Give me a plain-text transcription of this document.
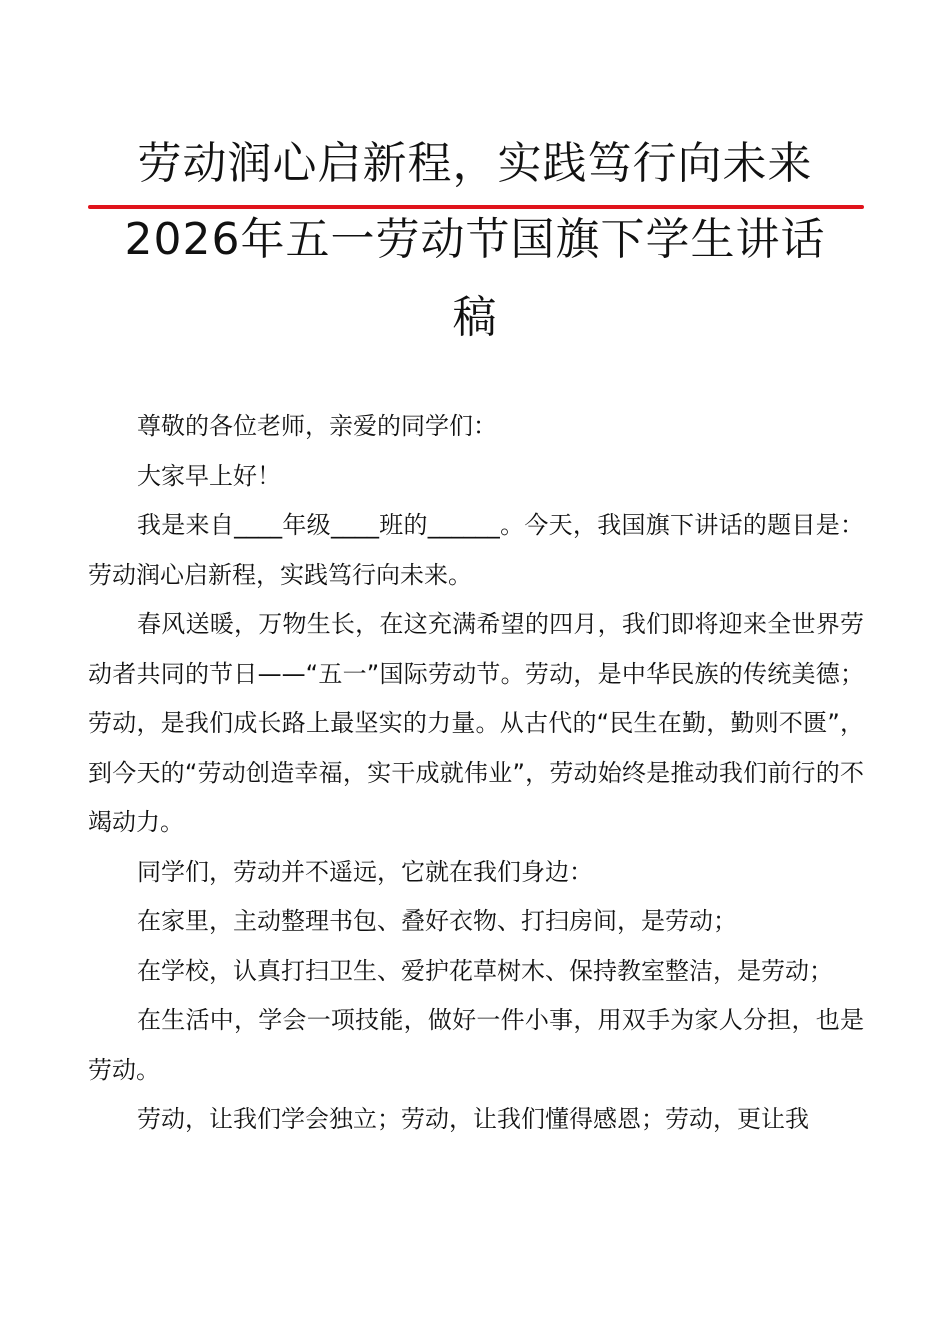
劳动润心启新程，实践笃行向未来
2026年五一劳动节国旗下学生讲话
稿

尊敬的各位老师，亲爱的同学们：

大家早上好！

我是来自____年级____班的______。今天，我国旗下讲话的题目是：劳动润心启新程，实践笃行向未来。

春风送暖，万物生长，在这充满希望的四月，我们即将迎来全世界劳动者共同的节日——“五一”国际劳动节。劳动，是中华民族的传统美德；劳动，是我们成长路上最坚实的力量。从古代的“民生在勤，勤则不匮”，到今天的“劳动创造幸福，实干成就伟业”，劳动始终是推动我们前行的不竭动力。

同学们，劳动并不遥远，它就在我们身边：

在家里，主动整理书包、叠好衣物、打扫房间，是劳动；

在学校，认真打扫卫生、爱护花草树木、保持教室整洁，是劳动；

在生活中，学会一项技能，做好一件小事，用双手为家人分担，也是劳动。

劳动，让我们学会独立；劳动，让我们懂得感恩；劳动，更让我
